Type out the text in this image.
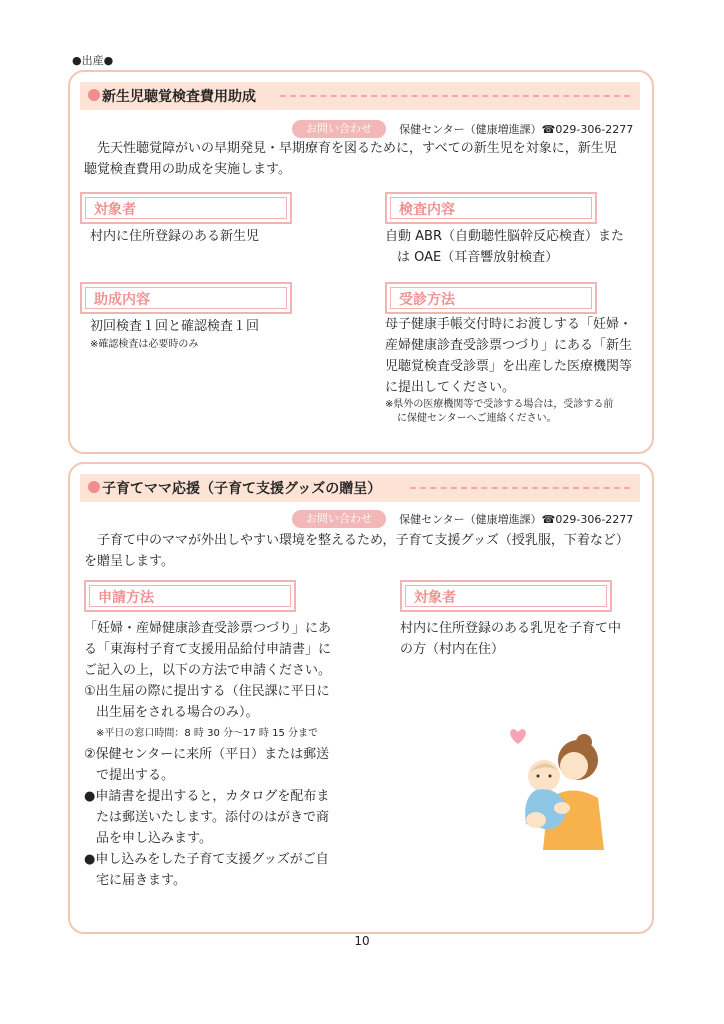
●出産●
新生児聴覚検査費用助成
お問い合わせ 保健センター（健康増進課）☎029-306-2277
　先天性聴覚障がいの早期発見・早期療育を図るために，すべての新生児を対象に，新生児
聴覚検査費用の助成を実施します。
対象者
村内に住所登録のある新生児
検査内容
自動 ABR（自動聴性脳幹反応検査）また
は OAE（耳音響放射検査）
助成内容
初回検査１回と確認検査１回
※確認検査は必要時のみ
受診方法
母子健康手帳交付時にお渡しする「妊婦・
産婦健康診査受診票つづり」にある「新生
児聴覚検査受診票」を出産した医療機関等
に提出してください。
※県外の医療機関等で受診する場合は，受診する前
に保健センターへご連絡ください。
子育てママ応援（子育て支援グッズの贈呈）
お問い合わせ 保健センター（健康増進課）☎029-306-2277
　子育て中のママが外出しやすい環境を整えるため，子育て支援グッズ（授乳服，下着など）
を贈呈します。
申請方法
「妊婦・産婦健康診査受診票つづり」にあ
る「東海村子育て支援用品給付申請書」に
ご記入の上，以下の方法で申請ください。
①出生届の際に提出する（住民課に平日に
出生届をされる場合のみ）。
※平日の窓口時間：8 時 30 分～17 時 15 分まで
②保健センターに来所（平日）または郵送
で提出する。
●申請書を提出すると，カタログを配布ま
たは郵送いたします。添付のはがきで商
品を申し込みます。
●申し込みをした子育て支援グッズがご自
宅に届きます。
対象者
村内に住所登録のある乳児を子育て中
の方（村内在住）
10
